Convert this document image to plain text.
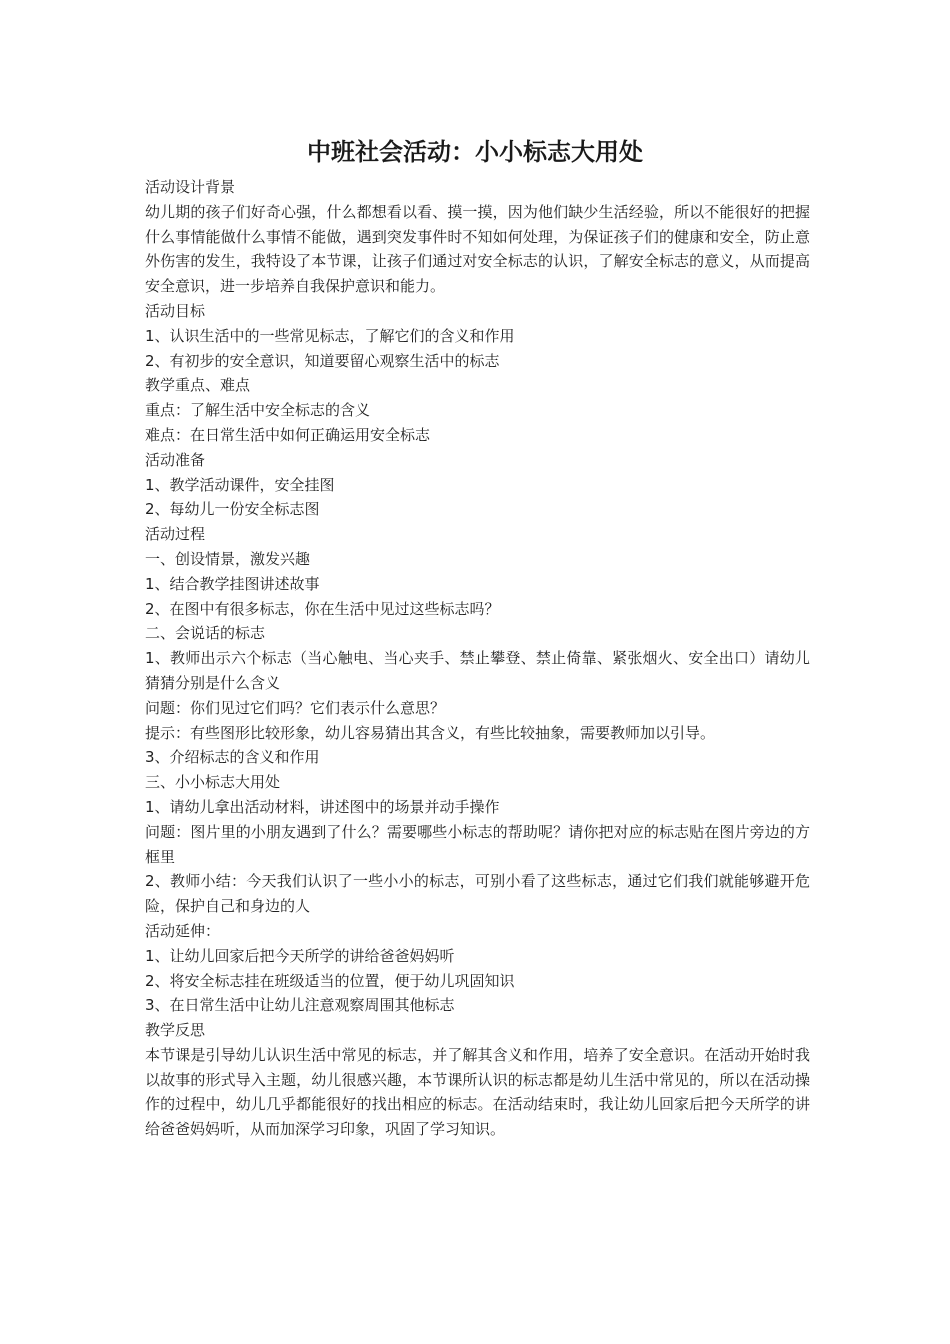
中班社会活动：小小标志大用处
活动设计背景
幼儿期的孩子们好奇心强，什么都想看以看、摸一摸，因为他们缺少生活经验，所以不能很好的把握什么事情能做什么事情不能做，遇到突发事件时不知如何处理，为保证孩子们的健康和安全，防止意外伤害的发生，我特设了本节课，让孩子们通过对安全标志的认识，了解安全标志的意义，从而提高安全意识，进一步培养自我保护意识和能力。
活动目标
1、认识生活中的一些常见标志，了解它们的含义和作用
2、有初步的安全意识，知道要留心观察生活中的标志
教学重点、难点
重点：了解生活中安全标志的含义
难点：在日常生活中如何正确运用安全标志
活动准备
1、教学活动课件，安全挂图
2、每幼儿一份安全标志图
活动过程
一、创设情景，激发兴趣
1、结合教学挂图讲述故事
2、在图中有很多标志，你在生活中见过这些标志吗？
二、会说话的标志
1、教师出示六个标志（当心触电、当心夹手、禁止攀登、禁止倚靠、紧张烟火、安全出口）请幼儿猜猜分别是什么含义
问题：你们见过它们吗？它们表示什么意思？
提示：有些图形比较形象，幼儿容易猜出其含义，有些比较抽象，需要教师加以引导。
3、介绍标志的含义和作用
三、小小标志大用处
1、请幼儿拿出活动材料，讲述图中的场景并动手操作
问题：图片里的小朋友遇到了什么？需要哪些小标志的帮助呢？请你把对应的标志贴在图片旁边的方框里
2、教师小结：今天我们认识了一些小小的标志，可别小看了这些标志，通过它们我们就能够避开危险，保护自己和身边的人
活动延伸：
1、让幼儿回家后把今天所学的讲给爸爸妈妈听
2、将安全标志挂在班级适当的位置，便于幼儿巩固知识
3、在日常生活中让幼儿注意观察周围其他标志
教学反思
本节课是引导幼儿认识生活中常见的标志，并了解其含义和作用，培养了安全意识。在活动开始时我以故事的形式导入主题，幼儿很感兴趣，本节课所认识的标志都是幼儿生活中常见的，所以在活动操作的过程中，幼儿几乎都能很好的找出相应的标志。在活动结束时，我让幼儿回家后把今天所学的讲给爸爸妈妈听，从而加深学习印象，巩固了学习知识。
